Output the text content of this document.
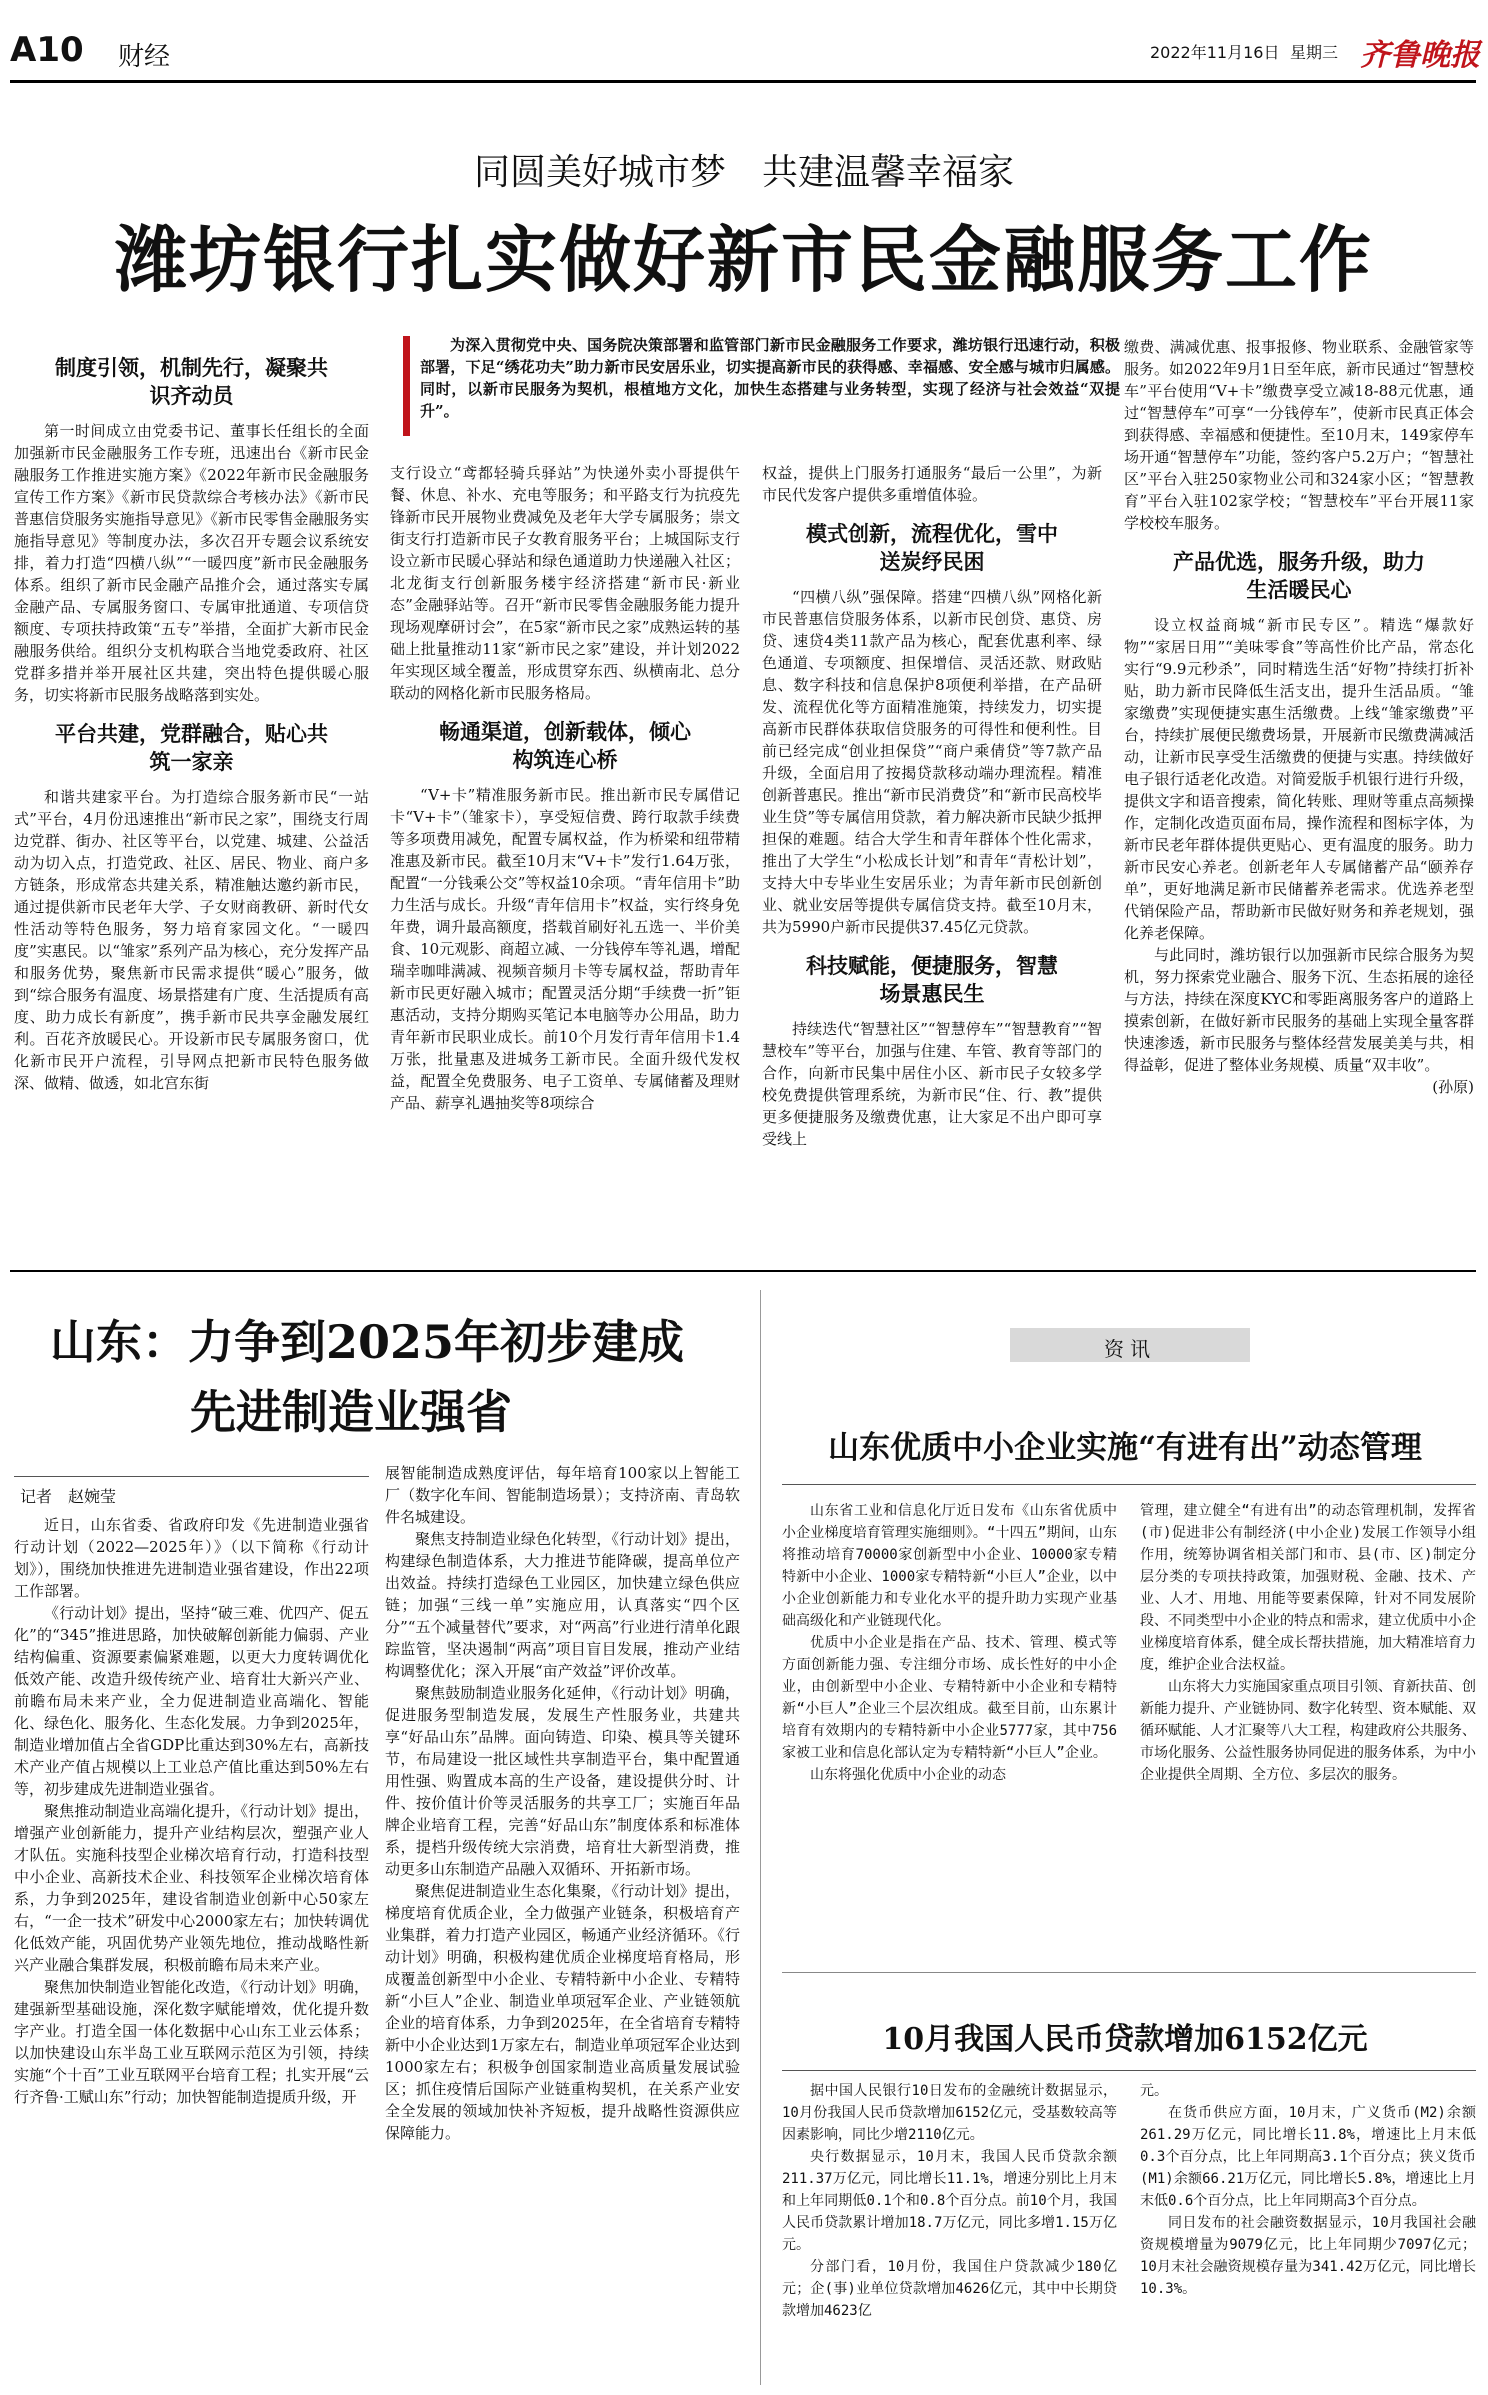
A10 财经	2022年11月16日 星期三 齐鲁晚报
同圆美好城市梦　共建温馨幸福家
潍坊银行扎实做好新市民金融服务工作
为深入贯彻党中央、国务院决策部署和监管部门新市民金融服务工作要求，潍坊银行迅速行动，积极部署，下足“绣花功夫”助力新市民安居乐业，切实提高新市民的获得感、幸福感、安全感与城市归属感。同时，以新市民服务为契机，根植地方文化，加快生态搭建与业务转型，实现了经济与社会效益“双提升”。
制度引领，机制先行，凝聚共识齐动员

第一时间成立由党委书记、董事长任组长的全面加强新市民金融服务工作专班，迅速出台《新市民金融服务工作推进实施方案》《2022年新市民金融服务宣传工作方案》《新市民贷款综合考核办法》《新市民普惠信贷服务实施指导意见》《新市民零售金融服务实施指导意见》等制度办法，多次召开专题会议系统安排，着力打造“四横八纵”“一暖四度”新市民金融服务体系。组织了新市民金融产品推介会，通过落实专属金融产品、专属服务窗口、专属审批通道、专项信贷额度、专项扶持政策“五专”举措，全面扩大新市民金融服务供给。组织分支机构联合当地党委政府、社区党群多措并举开展社区共建，突出特色提供暖心服务，切实将新市民服务战略落到实处。

平台共建，党群融合，贴心共筑一家亲

和谐共建家平台。为打造综合服务新市民“一站式”平台，4月份迅速推出“新市民之家”，围绕支行周边党群、街办、社区等平台，以党建、城建、公益活动为切入点，打造党政、社区、居民、物业、商户多方链条，形成常态共建关系，精准触达邀约新市民，通过提供新市民老年大学、子女财商教研、新时代女性活动等特色服务，努力培育家园文化。“一暖四度”实惠民。以“雏家”系列产品为核心，充分发挥产品和服务优势，聚焦新市民需求提供“暖心”服务，做到“综合服务有温度、场景搭建有广度、生活提质有高度、助力成长有新度”，携手新市民共享金融发展红利。百花齐放暖民心。开设新市民专属服务窗口，优化新市民开户流程，引导网点把新市民特色服务做深、做精、做透，如北宫东街

支行设立“鸢都轻骑兵驿站”为快递外卖小哥提供午餐、休息、补水、充电等服务；和平路支行为抗疫先锋新市民开展物业费减免及老年大学专属服务；崇文街支行打造新市民子女教育服务平台；上城国际支行设立新市民暖心驿站和绿色通道助力快递融入社区；北龙街支行创新服务楼宇经济搭建“新市民·新业态”金融驿站等。召开“新市民零售金融服务能力提升现场观摩研讨会”，在5家“新市民之家”成熟运转的基础上批量推动11家“新市民之家”建设，并计划2022年实现区域全覆盖，形成贯穿东西、纵横南北、总分联动的网格化新市民服务格局。

畅通渠道，创新载体，倾心构筑连心桥

“V+卡”精准服务新市民。推出新市民专属借记卡“V+卡”（雏家卡），享受短信费、跨行取款手续费等多项费用减免，配置专属权益，作为桥梁和纽带精准惠及新市民。截至10月末“V+卡”发行1.64万张，配置“一分钱乘公交”等权益10余项。“青年信用卡”助力生活与成长。升级“青年信用卡”权益，实行终身免年费，调升最高额度，搭载首刷好礼五选一、半价美食、10元观影、商超立减、一分钱停车等礼遇，增配瑞幸咖啡满减、视频音频月卡等专属权益，帮助青年新市民更好融入城市；配置灵活分期“手续费一折”钜惠活动，支持分期购买笔记本电脑等办公用品，助力青年新市民职业成长。前10个月发行青年信用卡1.4万张，批量惠及进城务工新市民。全面升级代发权益，配置全免费服务、电子工资单、专属储蓄及理财产品、薪享礼遇抽奖等8项综合

权益，提供上门服务打通服务“最后一公里”，为新市民代发客户提供多重增值体验。

模式创新，流程优化，雪中送炭纾民困

“四横八纵”强保障。搭建“四横八纵”网格化新市民普惠信贷服务体系，以新市民创贷、惠贷、房贷、速贷4类11款产品为核心，配套优惠利率、绿色通道、专项额度、担保增信、灵活还款、财政贴息、数字科技和信息保护8项便利举措，在产品研发、流程优化等方面精准施策，持续发力，切实提高新市民群体获取信贷服务的可得性和便利性。目前已经完成“创业担保贷”“商户乘倩贷”等7款产品升级，全面启用了按揭贷款移动端办理流程。精准创新普惠民。推出“新市民消费贷”和“新市民高校毕业生贷”等专属信用贷款，着力解决新市民缺少抵押担保的难题。结合大学生和青年群体个性化需求，推出了大学生“小松成长计划”和青年“青松计划”，支持大中专毕业生安居乐业；为青年新市民创新创业、就业安居等提供专属信贷支持。截至10月末，共为5990户新市民提供37.45亿元贷款。

科技赋能，便捷服务，智慧场景惠民生

持续迭代“智慧社区”“智慧停车”“智慧教育”“智慧校车”等平台，加强与住建、车管、教育等部门的合作，向新市民集中居住小区、新市民子女较多学校免费提供管理系统，为新市民“住、行、教”提供更多便捷服务及缴费优惠，让大家足不出户即可享受线上

缴费、满减优惠、报事报修、物业联系、金融管家等服务。如2022年9月1日至年底，新市民通过“智慧校车”平台使用“V+卡”缴费享受立减18-88元优惠，通过“智慧停车”可享“一分钱停车”，使新市民真正体会到获得感、幸福感和便捷性。至10月末，149家停车场开通“智慧停车”功能，签约客户5.2万户；“智慧社区”平台入驻250家物业公司和324家小区；“智慧教育”平台入驻102家学校；“智慧校车”平台开展11家学校校车服务。

产品优选，服务升级，助力生活暖民心

设立权益商城“新市民专区”。精选“爆款好物”“家居日用”“美味零食”等高性价比产品，常态化实行“9.9元秒杀”，同时精选生活“好物”持续打折补贴，助力新市民降低生活支出，提升生活品质。“雏家缴费”实现便捷实惠生活缴费。上线“雏家缴费”平台，持续扩展便民缴费场景，开展新市民缴费满减活动，让新市民享受生活缴费的便捷与实惠。持续做好电子银行适老化改造。对简爱版手机银行进行升级，提供文字和语音搜索，简化转账、理财等重点高频操作，定制化改造页面布局，操作流程和图标字体，为新市民老年群体提供更贴心、更有温度的服务。助力新市民安心养老。创新老年人专属储蓄产品“颐养存单”，更好地满足新市民储蓄养老需求。优选养老型代销保险产品，帮助新市民做好财务和养老规划，强化养老保障。

与此同时，潍坊银行以加强新市民综合服务为契机，努力探索党业融合、服务下沉、生态拓展的途径与方法，持续在深度KYC和零距离服务客户的道路上摸索创新，在做好新市民服务的基础上实现全量客群快速渗透，新市民服务与整体经营发展美美与共，相得益彰，促进了整体业务规模、质量“双丰收”。

(孙原)
山东：力争到2025年初步建成
先进制造业强省
记者　赵婉莹

近日，山东省委、省政府印发《先进制造业强省行动计划（2022—2025年）》（以下简称《行动计划》），围绕加快推进先进制造业强省建设，作出22项工作部署。

《行动计划》提出，坚持“破三难、优四产、促五化”的“345”推进思路，加快破解创新能力偏弱、产业结构偏重、资源要素偏紧难题，以更大力度转调优化低效产能、改造升级传统产业、培育壮大新兴产业、前瞻布局未来产业，全力促进制造业高端化、智能化、绿色化、服务化、生态化发展。力争到2025年，制造业增加值占全省GDP比重达到30%左右，高新技术产业产值占规模以上工业总产值比重达到50%左右等，初步建成先进制造业强省。

聚焦推动制造业高端化提升，《行动计划》提出，增强产业创新能力，提升产业结构层次，塑强产业人才队伍。实施科技型企业梯次培育行动，打造科技型中小企业、高新技术企业、科技领军企业梯次培育体系，力争到2025年，建设省制造业创新中心50家左右，“一企一技术”研发中心2000家左右；加快转调优化低效产能，巩固优势产业领先地位，推动战略性新兴产业融合集群发展，积极前瞻布局未来产业。

聚焦加快制造业智能化改造，《行动计划》明确，建强新型基础设施，深化数字赋能增效，优化提升数字产业。打造全国一体化数据中心山东工业云体系；以加快建设山东半岛工业互联网示范区为引领，持续实施“个十百”工业互联网平台培育工程；扎实开展“云行齐鲁·工赋山东”行动；加快智能制造提质升级，开

展智能制造成熟度评估，每年培育100家以上智能工厂（数字化车间、智能制造场景）；支持济南、青岛软件名城建设。

聚焦支持制造业绿色化转型，《行动计划》提出，构建绿色制造体系，大力推进节能降碳，提高单位产出效益。持续打造绿色工业园区，加快建立绿色供应链；加强“三线一单”实施应用，认真落实“四个区分”“五个减量替代”要求，对“两高”行业进行清单化跟踪监管，坚决遏制“两高”项目盲目发展，推动产业结构调整优化；深入开展“亩产效益”评价改革。

聚焦鼓励制造业服务化延伸，《行动计划》明确，促进服务型制造发展，发展生产性服务业，共建共享“好品山东”品牌。面向铸造、印染、模具等关键环节，布局建设一批区域性共享制造平台，集中配置通用性强、购置成本高的生产设备，建设提供分时、计件、按价值计价等灵活服务的共享工厂；实施百年品牌企业培育工程，完善“好品山东”制度体系和标准体系，提档升级传统大宗消费，培育壮大新型消费，推动更多山东制造产品融入双循环、开拓新市场。

聚焦促进制造业生态化集聚，《行动计划》提出，梯度培育优质企业，全力做强产业链条，积极培育产业集群，着力打造产业园区，畅通产业经济循环。《行动计划》明确，积极构建优质企业梯度培育格局，形成覆盖创新型中小企业、专精特新中小企业、专精特新“小巨人”企业、制造业单项冠军企业、产业链领航企业的培育体系，力争到2025年，在全省培育专精特新中小企业达到1万家左右，制造业单项冠军企业达到1000家左右；积极争创国家制造业高质量发展试验区；抓住疫情后国际产业链重构契机，在关系产业安全全发展的领域加快补齐短板，提升战略性资源供应保障能力。

资讯
山东优质中小企业实施“有进有出”动态管理

山东省工业和信息化厅近日发布《山东省优质中小企业梯度培育管理实施细则》。“十四五”期间，山东将推动培育70000家创新型中小企业、10000家专精特新中小企业、1000家专精特新“小巨人”企业，以中小企业创新能力和专业化水平的提升助力实现产业基础高级化和产业链现代化。

优质中小企业是指在产品、技术、管理、模式等方面创新能力强、专注细分市场、成长性好的中小企业，由创新型中小企业、专精特新中小企业和专精特新“小巨人”企业三个层次组成。截至目前，山东累计培育有效期内的专精特新中小企业5777家，其中756家被工业和信息化部认定为专精特新“小巨人”企业。

山东将强化优质中小企业的动态

管理，建立健全“有进有出”的动态管理机制，发挥省(市)促进非公有制经济(中小企业)发展工作领导小组作用，统筹协调省相关部门和市、县(市、区)制定分层分类的专项扶持政策，加强财税、金融、技术、产业、人才、用地、用能等要素保障，针对不同发展阶段、不同类型中小企业的特点和需求，建立优质中小企业梯度培育体系，健全成长帮扶措施，加大精准培育力度，维护企业合法权益。

山东将大力实施国家重点项目引领、育新扶苗、创新能力提升、产业链协同、数字化转型、资本赋能、双循环赋能、人才汇聚等八大工程，构建政府公共服务、市场化服务、公益性服务协同促进的服务体系，为中小企业提供全周期、全方位、多层次的服务。

10月我国人民币贷款增加6152亿元

据中国人民银行10日发布的金融统计数据显示，10月份我国人民币贷款增加6152亿元，受基数较高等因素影响，同比少增2110亿元。

央行数据显示，10月末，我国人民币贷款余额211.37万亿元，同比增长11.1%，增速分别比上月末和上年同期低0.1个和0.8个百分点。前10个月，我国人民币贷款累计增加18.7万亿元，同比多增1.15万亿元。

分部门看，10月份，我国住户贷款减少180亿元；企(事)业单位贷款增加4626亿元，其中中长期贷款增加4623亿

元。

在货币供应方面，10月末，广义货币(M2)余额261.29万亿元，同比增长11.8%，增速比上月末低0.3个百分点，比上年同期高3.1个百分点；狭义货币(M1)余额66.21万亿元，同比增长5.8%，增速比上月末低0.6个百分点，比上年同期高3个百分点。

同日发布的社会融资数据显示，10月我国社会融资规模增量为9079亿元，比上年同期少7097亿元；10月末社会融资规模存量为341.42万亿元，同比增长10.3%。
